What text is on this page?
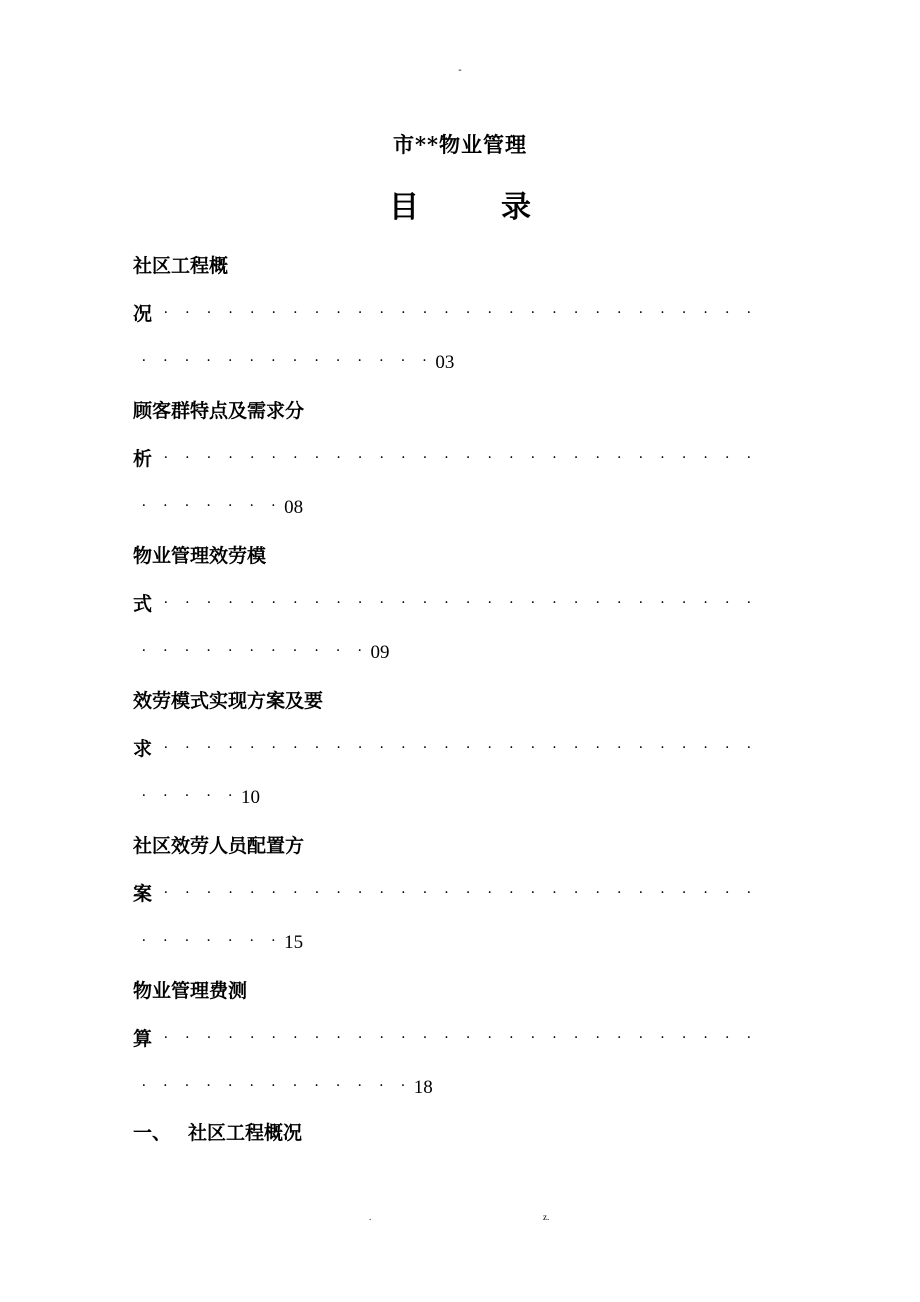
-
市**物业管理
目	录
社区工程概
况 · · · · · · · · · · · · · · · · · · · · · · · · · · · ·
· · · · · · · · · · · · · · 03
顾客群特点及需求分
析 · · · · · · · · · · · · · · · · · · · · · · · · · · · ·
· · · · · · · 08
物业管理效劳模
式 · · · · · · · · · · · · · · · · · · · · · · · · · · · ·
· · · · · · · · · · · 09
效劳模式实现方案及要
求 · · · · · · · · · · · · · · · · · · · · · · · · · · · ·
· · · · · 10
社区效劳人员配置方
案 · · · · · · · · · · · · · · · · · · · · · · · · · · · ·
· · · · · · · 15
物业管理费测
算 · · · · · · · · · · · · · · · · · · · · · · · · · · · ·
· · · · · · · · · · · · · 18
一、 社区工程概况
.	z.
